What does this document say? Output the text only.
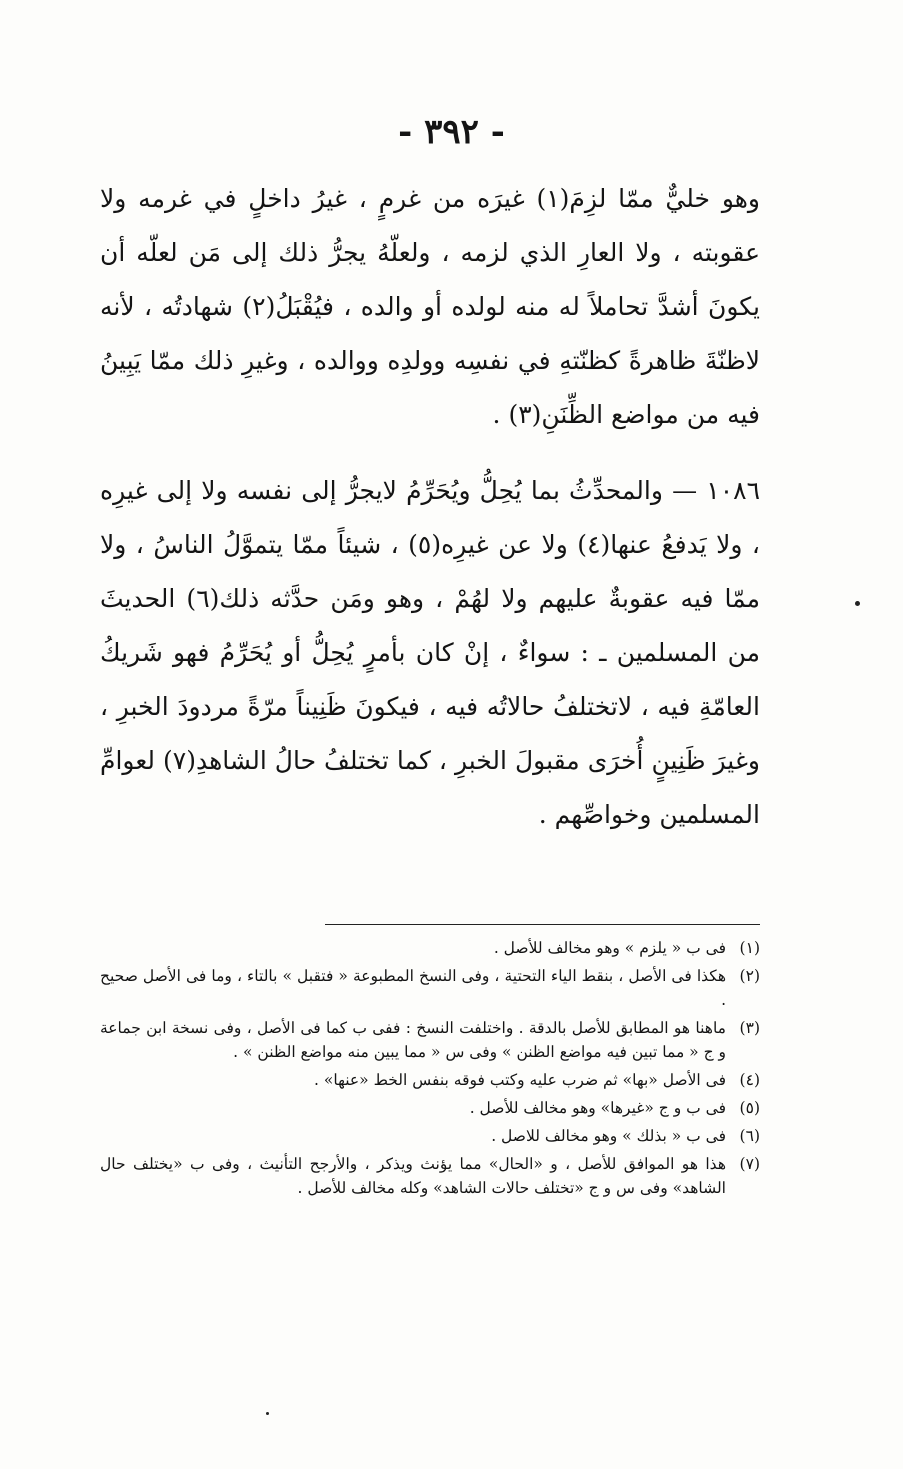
- ٣٩٢ -

وهو خليٌّ ممّا لزِمَ(١) غيرَه من غرمٍ ، غيرُ داخلٍ في غرمه ولا عقوبته ، ولا العارِ الذي لزمه ، ولعلّهُ يجرُّ ذلك إلى مَن لعلّه أن يكونَ أشدَّ تحاملاً له منه لولده أو والده ، فيُقْبَلُ(٢) شهادتُه ، لأنه لاظنّةَ ظاهرةً كظنّتهِ في نفسِه وولدِه ووالده ، وغيرِ ذلك ممّا يَبِينُ فيه من مواضع الظِّنَنِ(٣) .

١٠٨٦ — والمحدِّثُ بما يُحِلُّ ويُحَرِّمُ لايجرُّ إلى نفسه ولا إلى غيرِه ، ولا يَدفعُ عنها(٤) ولا عن غيرِه(٥) ، شيئاً ممّا يتموَّلُ الناسُ ، ولا ممّا فيه عقوبةٌ عليهم ولا لهُمْ ، وهو ومَن حدَّثه ذلك(٦) الحديثَ من المسلمين ـ : سواءٌ ، إنْ كان بأمرٍ يُحِلُّ أو يُحَرِّمُ فهو شَريكُ العامّةِ فيه ، لاتختلفُ حالاتُه فيه ، فيكونَ ظَنِيناً مرّةً مردودَ الخبرِ ، وغيرَ ظَنِينٍ أُخرَى مقبولَ الخبرِ ، كما تختلفُ حالُ الشاهدِ(٧) لعوامِّ المسلمين وخواصِّهم .

(١)
فى ب « يلزم » وهو مخالف للأصل .
(٢)
هكذا فى الأصل ، بنقط الياء التحتية ، وفى النسخ المطبوعة « فتقبل » بالتاء ، وما فى الأصل صحيح .
(٣)
ماهنا هو المطابق للأصل بالدقة . واختلفت النسخ : ففى ب كما فى الأصل ، وفى نسخة ابن جماعة و ج « مما تبين فيه مواضع الظنن » وفى س « مما يبين منه مواضع الظنن » .
(٤)
فى الأصل «بها» ثم ضرب عليه وكتب فوقه بنفس الخط «عنها» .
(٥)
فى ب و ج «غيرها» وهو مخالف للأصل .
(٦)
فى ب « بذلك » وهو مخالف للاصل .
(٧)
هذا هو الموافق للأصل ، و «الحال» مما يؤنث ويذكر ، والأرجح التأنيث ، وفى ب «يختلف حال الشاهد» وفى س و ج «تختلف حالات الشاهد» وكله مخالف للأصل .
